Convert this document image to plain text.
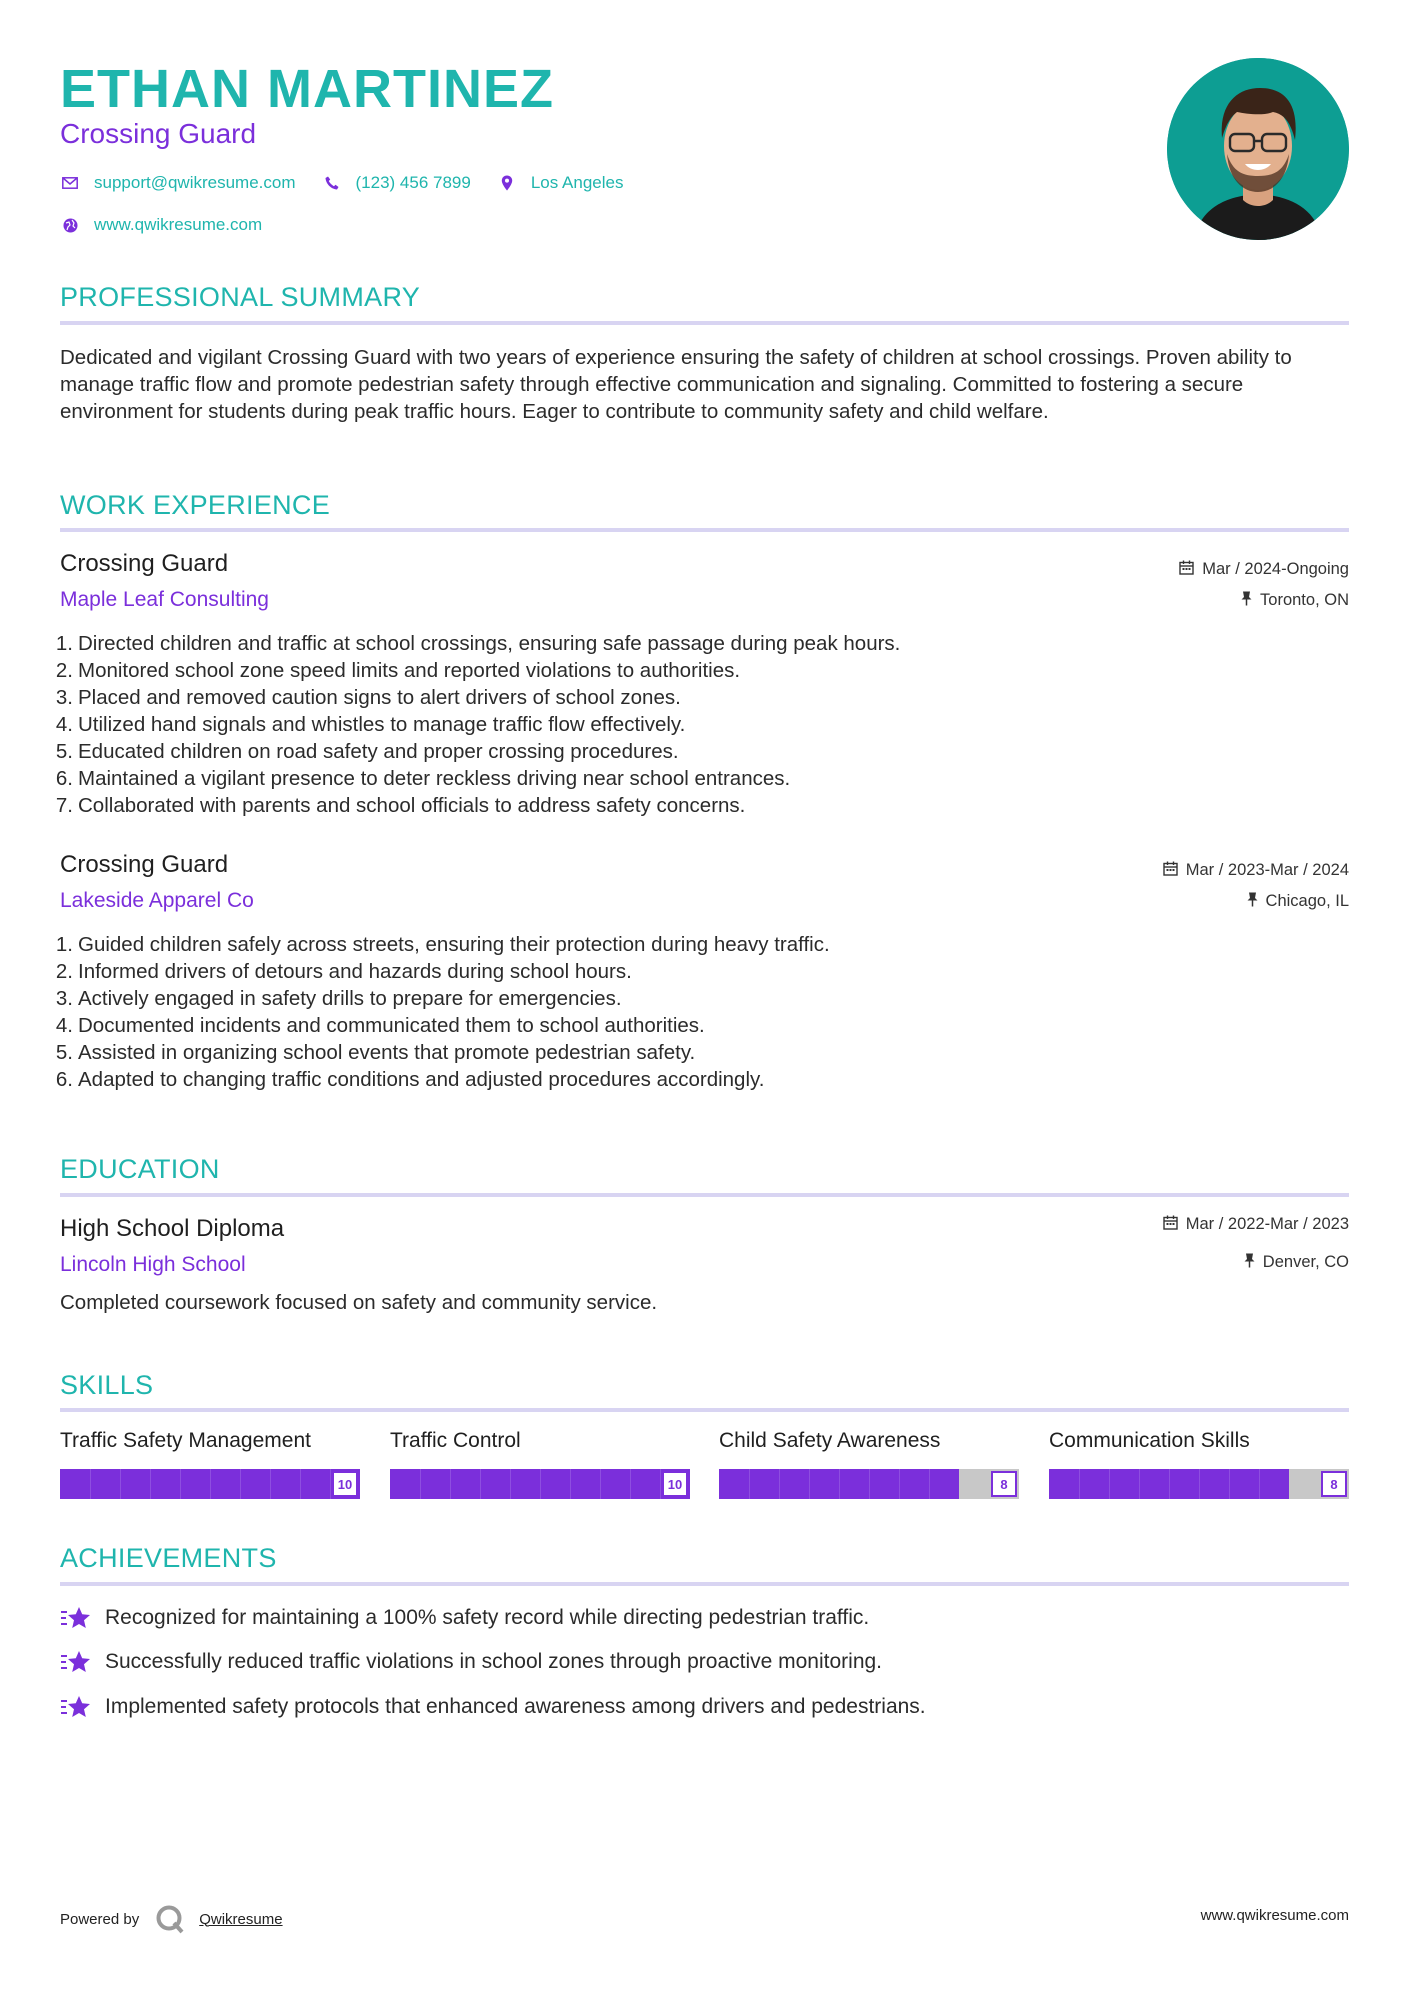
ETHAN MARTINEZ
Crossing Guard
support@qwikresume.com	(123) 456 7899	Los Angeles
www.qwikresume.com
PROFESSIONAL SUMMARY
Dedicated and vigilant Crossing Guard with two years of experience ensuring the safety of children at school crossings. Proven ability to manage traffic flow and promote pedestrian safety through effective communication and signaling. Committed to fostering a secure environment for students during peak traffic hours. Eager to contribute to community safety and child welfare.
WORK EXPERIENCE
Crossing Guard
Maple Leaf Consulting
Mar / 2024-Ongoing
Toronto, ON
1. Directed children and traffic at school crossings, ensuring safe passage during peak hours.
2. Monitored school zone speed limits and reported violations to authorities.
3. Placed and removed caution signs to alert drivers of school zones.
4. Utilized hand signals and whistles to manage traffic flow effectively.
5. Educated children on road safety and proper crossing procedures.
6. Maintained a vigilant presence to deter reckless driving near school entrances.
7. Collaborated with parents and school officials to address safety concerns.
Crossing Guard
Lakeside Apparel Co
Mar / 2023-Mar / 2024
Chicago, IL
1. Guided children safely across streets, ensuring their protection during heavy traffic.
2. Informed drivers of detours and hazards during school hours.
3. Actively engaged in safety drills to prepare for emergencies.
4. Documented incidents and communicated them to school authorities.
5. Assisted in organizing school events that promote pedestrian safety.
6. Adapted to changing traffic conditions and adjusted procedures accordingly.
EDUCATION
High School Diploma
Lincoln High School
Mar / 2022-Mar / 2023
Denver, CO
Completed coursework focused on safety and community service.
SKILLS
Traffic Safety Management
10
Traffic Control
10
Child Safety Awareness
8
Communication Skills
8
ACHIEVEMENTS
Recognized for maintaining a 100% safety record while directing pedestrian traffic.
Successfully reduced traffic violations in school zones through proactive monitoring.
Implemented safety protocols that enhanced awareness among drivers and pedestrians.
Powered by	Qwikresume	www.qwikresume.com
